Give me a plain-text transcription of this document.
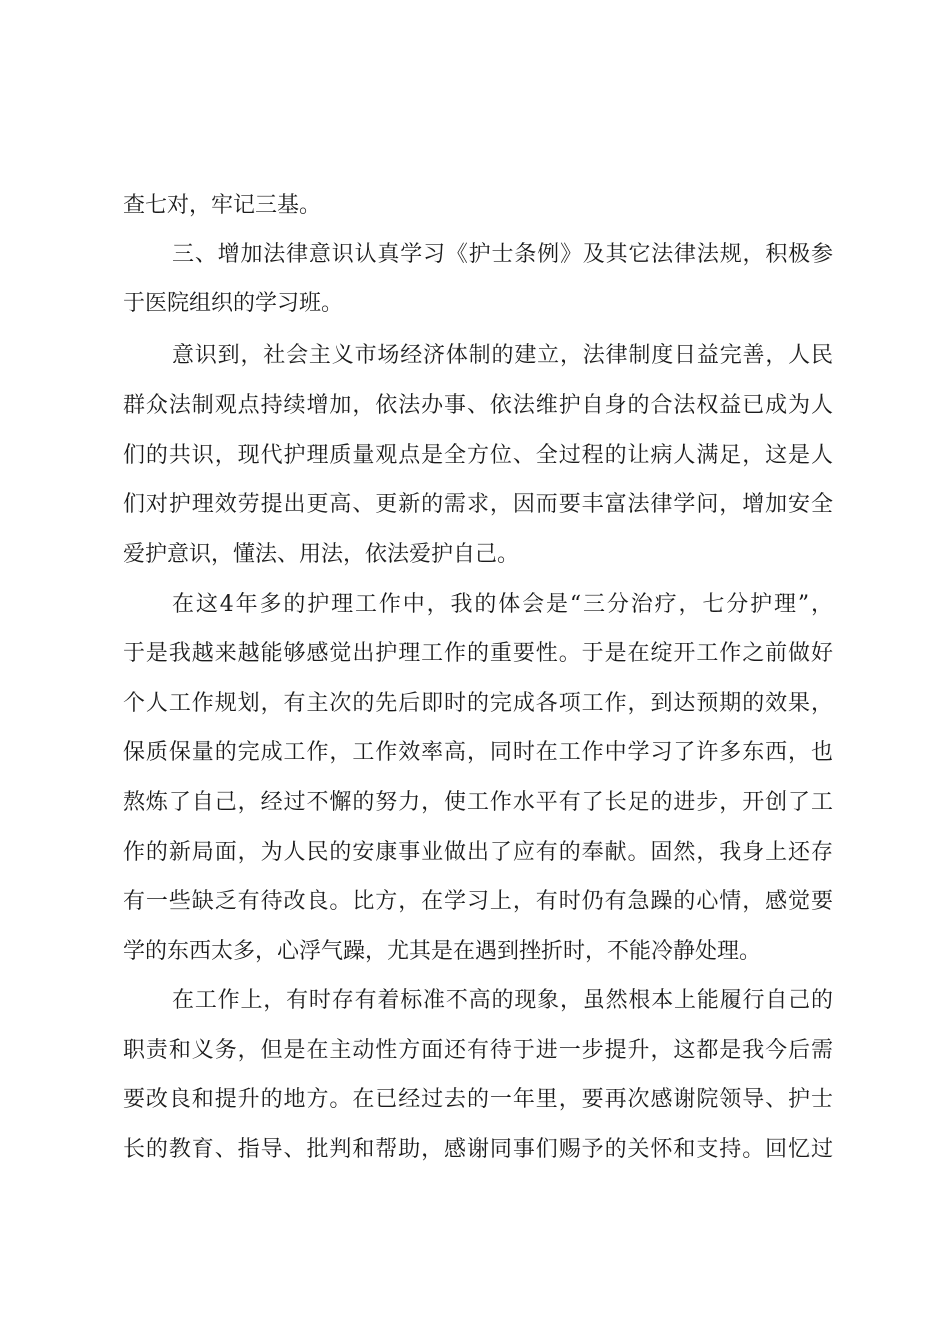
查七对，牢记三基。
三、增加法律意识认真学习《护士条例》及其它法律法规，积极参
于医院组织的学习班。
意识到，社会主义市场经济体制的建立，法律制度日益完善，人民
群众法制观点持续增加，依法办事、依法维护自身的合法权益已成为人
们的共识，现代护理质量观点是全方位、全过程的让病人满足，这是人
们对护理效劳提出更高、更新的需求，因而要丰富法律学问，增加安全
爱护意识，懂法、用法，依法爱护自己。
在这4年多的护理工作中，我的体会是“三分治疗，七分护理”，
于是我越来越能够感觉出护理工作的重要性。于是在绽开工作之前做好
个人工作规划，有主次的先后即时的完成各项工作，到达预期的效果，
保质保量的完成工作，工作效率高，同时在工作中学习了许多东西，也
熬炼了自己，经过不懈的努力，使工作水平有了长足的进步，开创了工
作的新局面，为人民的安康事业做出了应有的奉献。固然，我身上还存
有一些缺乏有待改良。比方，在学习上，有时仍有急躁的心情，感觉要
学的东西太多，心浮气躁，尤其是在遇到挫折时，不能冷静处理。
在工作上，有时存有着标准不高的现象，虽然根本上能履行自己的
职责和义务，但是在主动性方面还有待于进一步提升，这都是我今后需
要改良和提升的地方。在已经过去的一年里，要再次感谢院领导、护士
长的教育、指导、批判和帮助，感谢同事们赐予的关怀和支持。回忆过
